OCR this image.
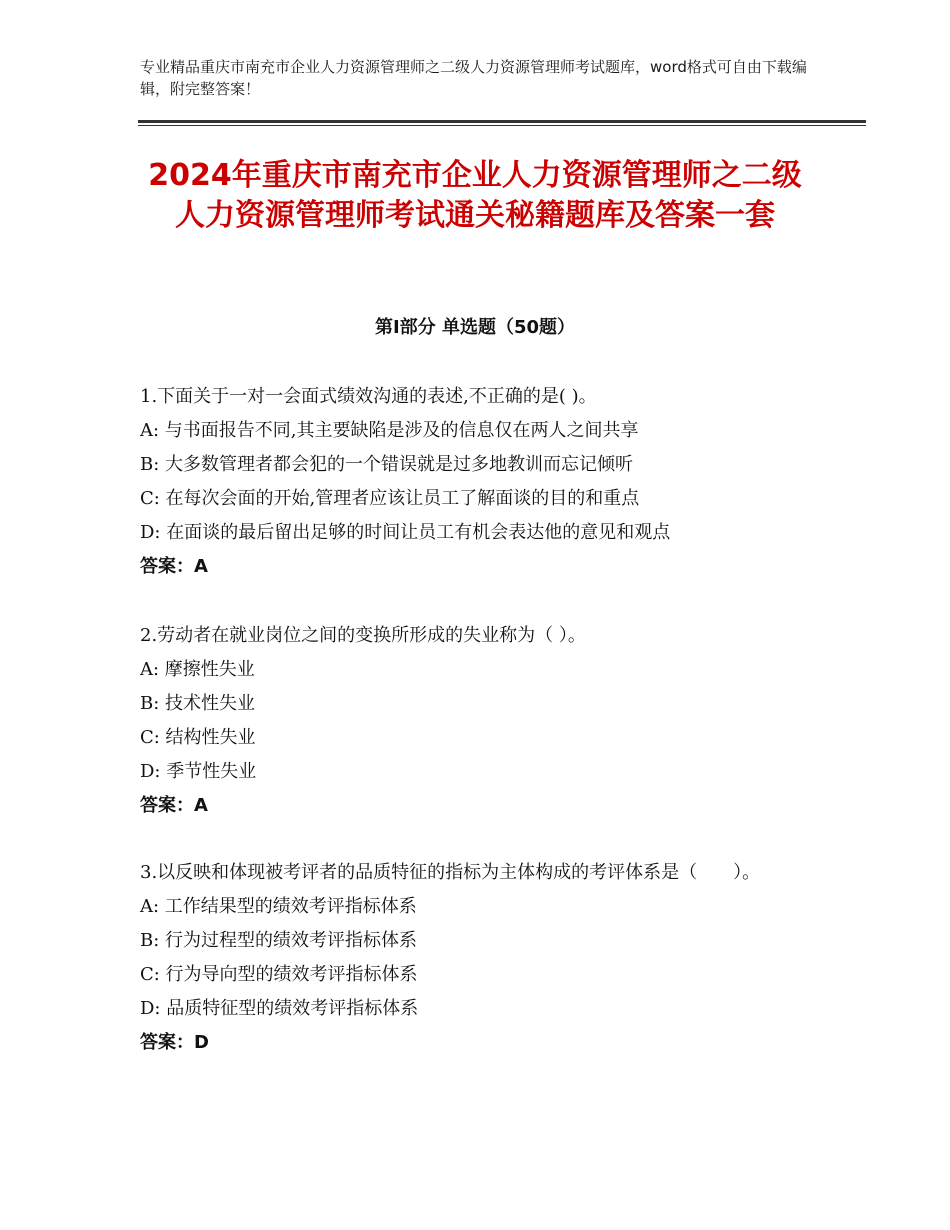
专业精品重庆市南充市企业人力资源管理师之二级人力资源管理师考试题库，word格式可自由下载编辑，附完整答案！
2024年重庆市南充市企业人力资源管理师之二级人力资源管理师考试通关秘籍题库及答案一套
第Ⅰ部分 单选题（50题）
1.下面关于一对一会面式绩效沟通的表述,不正确的是( )。
A: 与书面报告不同,其主要缺陷是涉及的信息仅在两人之间共享
B: 大多数管理者都会犯的一个错误就是过多地教训而忘记倾听
C: 在每次会面的开始,管理者应该让员工了解面谈的目的和重点
D: 在面谈的最后留出足够的时间让员工有机会表达他的意见和观点
答案：A
2.劳动者在就业岗位之间的变换所形成的失业称为（ ）。
A: 摩擦性失业
B: 技术性失业
C: 结构性失业
D: 季节性失业
答案：A
3.以反映和体现被考评者的品质特征的指标为主体构成的考评体系是（　　）。
A: 工作结果型的绩效考评指标体系
B: 行为过程型的绩效考评指标体系
C: 行为导向型的绩效考评指标体系
D: 品质特征型的绩效考评指标体系
答案：D
